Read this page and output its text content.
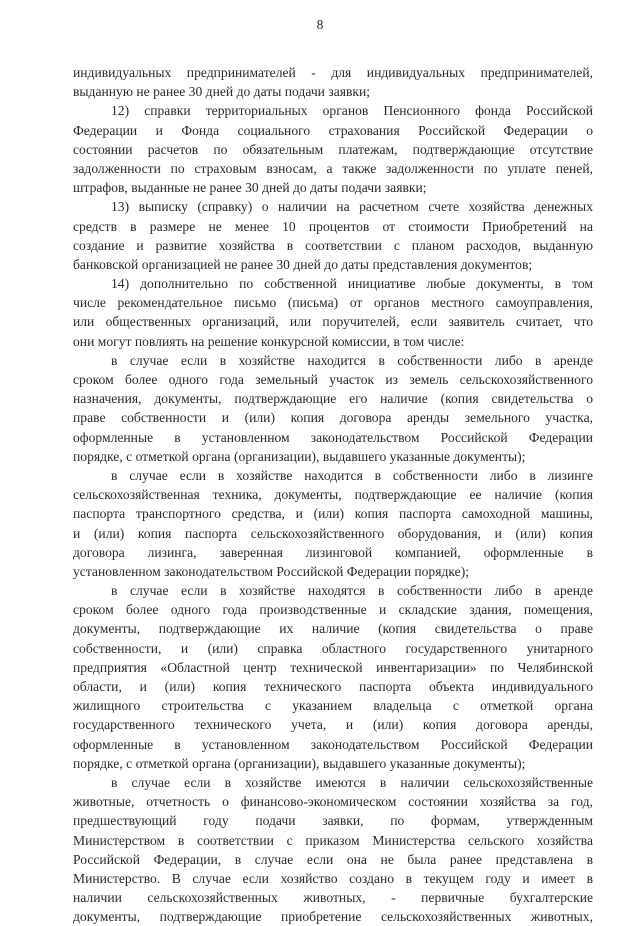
8
индивидуальных предпринимателей - для индивидуальных предпринимателей,
выданную не ранее 30 дней до даты подачи заявки;
12) справки территориальных органов Пенсионного фонда Российской
Федерации и Фонда социального страхования Российской Федерации о
состоянии расчетов по обязательным платежам, подтверждающие отсутствие
задолженности по страховым взносам, а также задолженности по уплате пеней,
штрафов, выданные не ранее 30 дней до даты подачи заявки;
13) выписку (справку) о наличии на расчетном счете хозяйства денежных
средств в размере не менее 10 процентов от стоимости Приобретений на
создание и развитие хозяйства в соответствии с планом расходов, выданную
банковской организацией не ранее 30 дней до даты представления документов;
14) дополнительно по собственной инициативе любые документы, в том
числе рекомендательное письмо (письма) от органов местного самоуправления,
или общественных организаций, или поручителей, если заявитель считает, что
они могут повлиять на решение конкурсной комиссии, в том числе:
в случае если в хозяйстве находится в собственности либо в аренде
сроком более одного года земельный участок из земель сельскохозяйственного
назначения, документы, подтверждающие его наличие (копия свидетельства о
праве собственности и (или) копия договора аренды земельного участка,
оформленные в установленном законодательством Российской Федерации
порядке, с отметкой органа (организации), выдавшего указанные документы);
в случае если в хозяйстве находится в собственности либо в лизинге
сельскохозяйственная техника, документы, подтверждающие ее наличие (копия
паспорта транспортного средства, и (или) копия паспорта самоходной машины,
и (или) копия паспорта сельскохозяйственного оборудования, и (или) копия
договора лизинга, заверенная лизинговой компанией, оформленные в
установленном законодательством Российской Федерации порядке);
в случае если в хозяйстве находятся в собственности либо в аренде
сроком более одного года производственные и складские здания, помещения,
документы, подтверждающие их наличие (копия свидетельства о праве
собственности, и (или) справка областного государственного унитарного
предприятия «Областной центр технической инвентаризации» по Челябинской
области, и (или) копия технического паспорта объекта индивидуального
жилищного строительства с указанием владельца с отметкой органа
государственного технического учета, и (или) копия договора аренды,
оформленные в установленном законодательством Российской Федерации
порядке, с отметкой органа (организации), выдавшего указанные документы);
в случае если в хозяйстве имеются в наличии сельскохозяйственные
животные, отчетность о финансово-экономическом состоянии хозяйства за год,
предшествующий году подачи заявки, по формам, утвержденным
Министерством в соответствии с приказом Министерства сельского хозяйства
Российской Федерации, в случае если она не была ранее представлена в
Министерство. В случае если хозяйство создано в текущем году и имеет в
наличии сельскохозяйственных животных, - первичные бухгалтерские
документы, подтверждающие приобретение сельскохозяйственных животных,
